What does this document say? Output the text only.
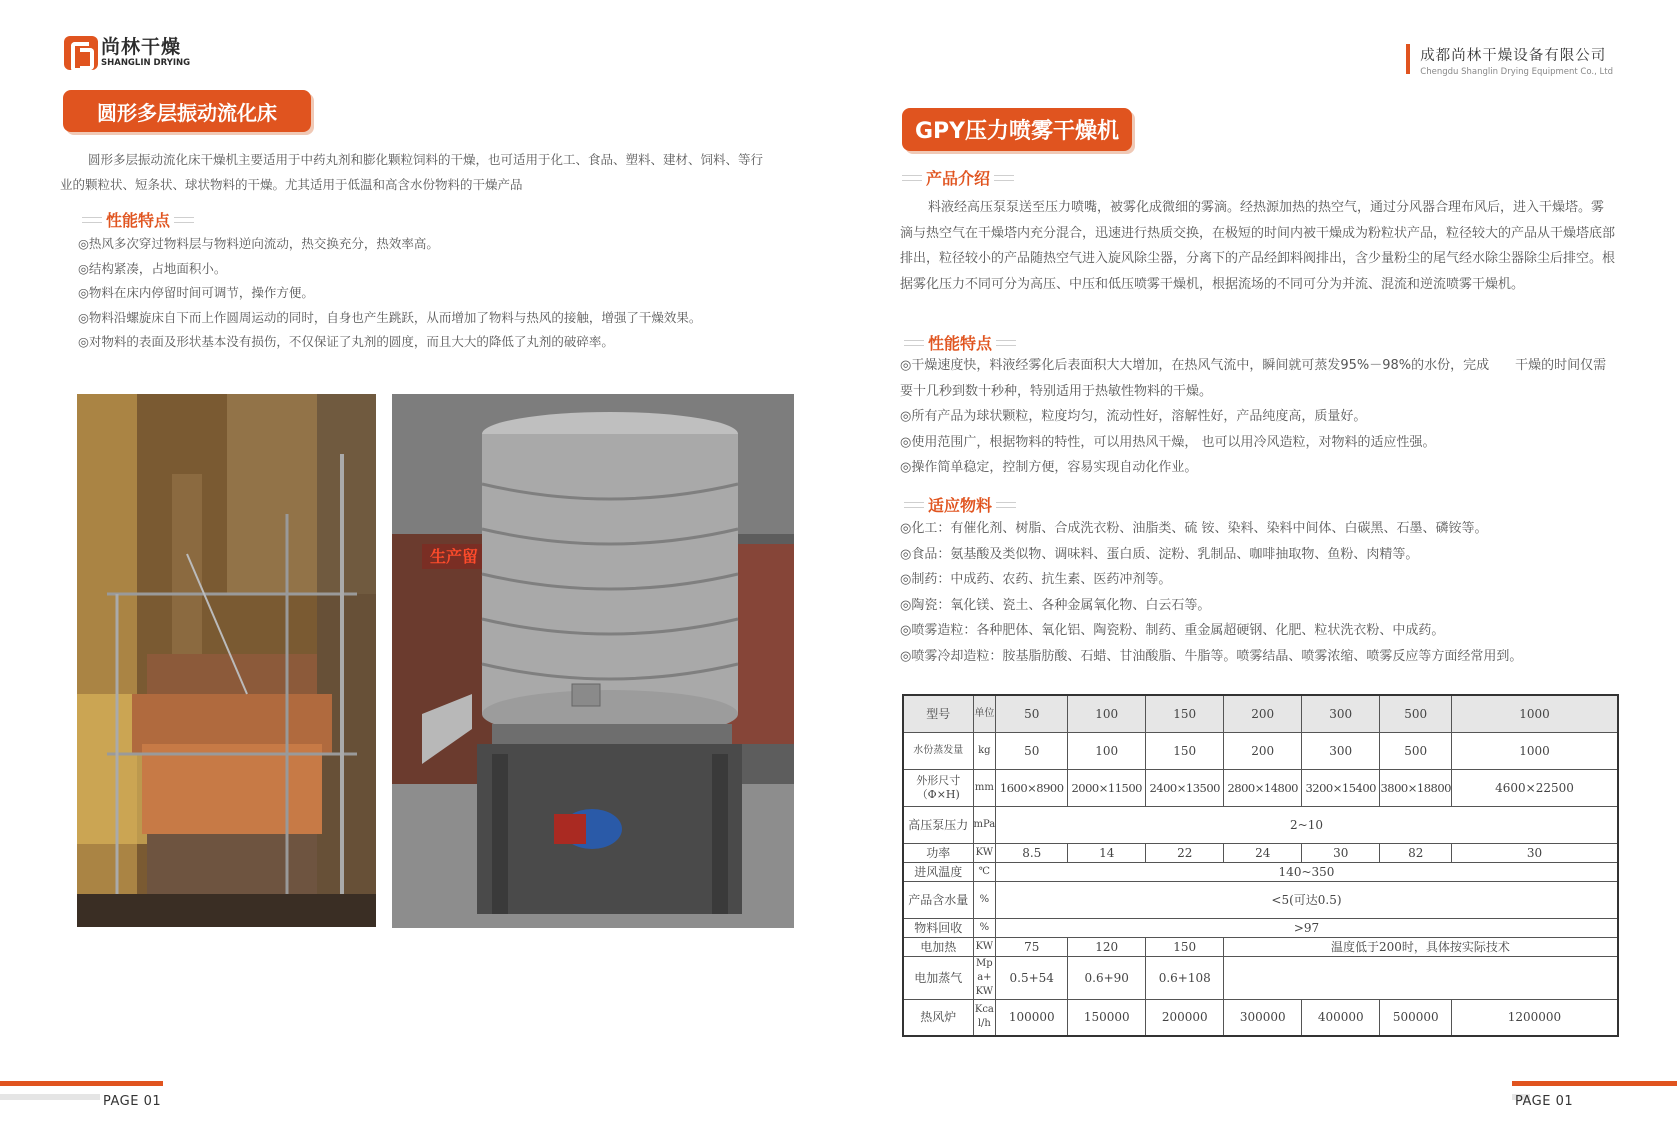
尚林干燥
SHANGLIN DRYING	成都尚林干燥设备有限公司
Chengdu Shanglin Drying Equipment Co., Ltd
圆形多层振动流化床

圆形多层振动流化床干燥机主要适用于中药丸剂和膨化颗粒饲料的干燥，也可适用于化工、食品、塑料、建材、饲料、等行业的颗粒状、短条状、球状物料的干燥。尤其适用于低温和高含水份物料的干燥产品

性能特点
◎热风多次穿过物料层与物料逆向流动，热交换充分，热效率高。
◎结构紧凑，占地面积小。
◎物料在床内停留时间可调节，操作方便。
◎物料沿螺旋床自下而上作圆周运动的同时，自身也产生跳跃，从而增加了物料与热风的接触，增强了干燥效果。
◎对物料的表面及形状基本没有损伤，不仅保证了丸剂的圆度，而且大大的降低了丸剂的破碎率。
生产留
GPY压力喷雾干燥机
产品介绍

料液经高压泵泵送至压力喷嘴，被雾化成微细的雾滴。经热源加热的热空气，通过分风器合理布风后，进入干燥塔。雾滴与热空气在干燥塔内充分混合，迅速进行热质交换，在极短的时间内被干燥成为粉粒状产品，粒径较大的产品从干燥塔底部排出，粒径较小的产品随热空气进入旋风除尘器，分离下的产品经卸料阀排出，含少量粉尘的尾气经水除尘器除尘后排空。根据雾化压力不同可分为高压、中压和低压喷雾干燥机，根据流场的不同可分为并流、混流和逆流喷雾干燥机。

性能特点
◎干燥速度快，料液经雾化后表面积大大增加，在热风气流中，瞬间就可蒸发95%－98%的水份，完成　　干燥的时间仅需要十几秒到数十秒种，特别适用于热敏性物料的干燥。
◎所有产品为球状颗粒，粒度均匀，流动性好，溶解性好，产品纯度高，质量好。
◎使用范围广，根据物料的特性，可以用热风干燥， 也可以用冷风造粒，对物料的适应性强。
◎操作简单稳定，控制方便，容易实现自动化作业。
适应物料
◎化工：有催化剂、树脂、合成洗衣粉、油脂类、硫 铵、染料、染料中间体、白碳黑、石墨、磷铵等。
◎食品：氨基酸及类似物、调味料、蛋白质、淀粉、乳制品、咖啡抽取物、鱼粉、肉精等。
◎制药：中成药、农药、抗生素、医药冲剂等。
◎陶瓷：氧化镁、瓷土、各种金属氧化物、白云石等。
◎喷雾造粒：各种肥体、氧化铝、陶瓷粉、制药、重金属超硬钢、化肥、粒状洗衣粉、中成药。
◎喷雾冷却造粒：胺基脂肪酸、石蜡、甘油酸脂、牛脂等。喷雾结晶、喷雾浓缩、喷雾反应等方面经常用到。
型号	单位	50	100	150	200	300	500	1000
水份蒸发量	kg	50	100	150	200	300	500	1000
外形尺寸（Φ×H)	mm	1600×8900	2000×11500	2400×13500	2800×14800	3200×15400	3800×18800	4600×22500
高压泵压力	mPa	2~10						
功率	KW	8.5	14	22	24	30	82	30
进风温度	℃	140~350						
产品含水量	%	<5(可达0.5)						
物料回收	%	>97						
电加热	KW	75	120	150	温度低于200时，具体按实际技术			
电加蒸气	Mpa+KW	0.5+54	0.6+90	0.6+108				
热风炉	Kcal/h	100000	150000	200000	300000	400000	500000	1200000
PAGE 01	PAGE 01
